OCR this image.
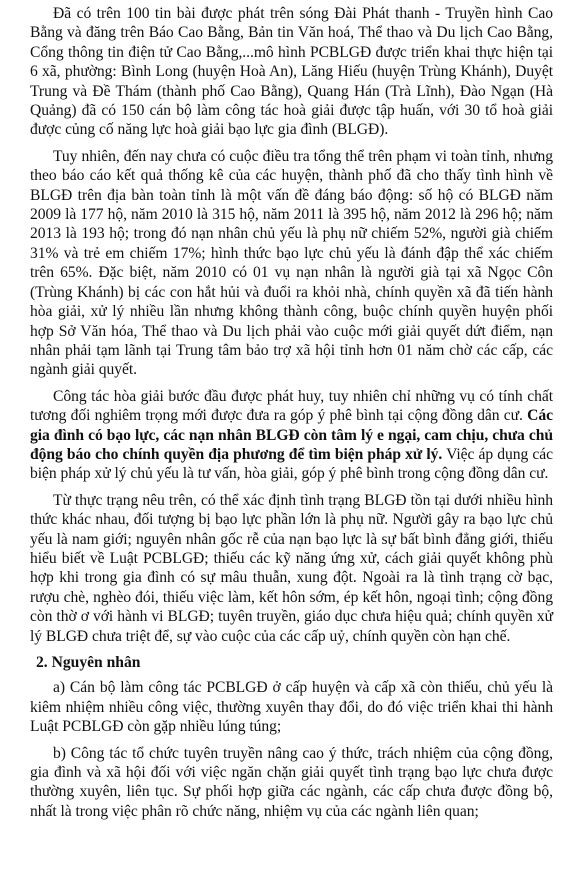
Đã có trên 100 tin bài được phát trên sóng Đài Phát thanh - Truyền hình Cao Bằng và đăng trên Báo Cao Bằng, Bản tin Văn hoá, Thể thao và Du lịch Cao Bằng, Cổng thông tin điện tử Cao Bằng,...mô hình PCBLGĐ được triển khai thực hiện tại 6 xã, phường: Bình Long (huyện Hoà An), Lăng Hiếu (huyện Trùng Khánh), Duyệt Trung và Đề Thám (thành phố Cao Bằng), Quang Hán (Trà Lĩnh), Đào Ngạn (Hà Quảng) đã có 150 cán bộ làm công tác hoà giải được tập huấn, với 30 tổ hoà giải được củng cố năng lực hoà giải bạo lực gia đình (BLGĐ).

Tuy nhiên, đến nay chưa có cuộc điều tra tổng thể trên phạm vi toàn tỉnh, nhưng theo báo cáo kết quả thống kê của các huyện, thành phố đã cho thấy tình hình về BLGĐ trên địa bàn toàn tỉnh là một vấn đề đáng báo động: số hộ có BLGĐ năm 2009 là 177 hộ, năm 2010 là 315 hộ, năm 2011 là 395 hộ, năm 2012 là 296 hộ; năm 2013 là 193 hộ; trong đó nạn nhân chủ yếu là phụ nữ chiếm 52%, người già chiếm 31% và trẻ em chiếm 17%; hình thức bạo lực chủ yếu là đánh đập thể xác chiếm trên 65%. Đặc biệt, năm 2010 có 01 vụ nạn nhân là người già tại xã Ngọc Côn (Trùng Khánh) bị các con hắt hủi và đuổi ra khỏi nhà, chính quyền xã đã tiến hành hòa giải, xử lý nhiều lần nhưng không thành công, buộc chính quyền huyện phối hợp Sở Văn hóa, Thể thao và Du lịch phải vào cuộc mới giải quyết dứt điểm, nạn nhân phải tạm lãnh tại Trung tâm bảo trợ xã hội tỉnh hơn 01 năm chờ các cấp, các ngành giải quyết.

Công tác hòa giải bước đầu được phát huy, tuy nhiên chỉ những vụ có tính chất tương đối nghiêm trọng mới được đưa ra góp ý phê bình tại cộng đồng dân cư. Các gia đình có bạo lực, các nạn nhân BLGĐ còn tâm lý e ngại, cam chịu, chưa chủ động báo cho chính quyền địa phương để tìm biện pháp xử lý. Việc áp dụng các biện pháp xử lý chủ yếu là tư vấn, hòa giải, góp ý phê bình trong cộng đồng dân cư.

Từ thực trạng nêu trên, có thể xác định tình trạng BLGĐ tồn tại dưới nhiều hình thức khác nhau, đối tượng bị bạo lực phần lớn là phụ nữ. Người gây ra bạo lực chủ yếu là nam giới; nguyên nhân gốc rễ của nạn bạo lực là sự bất bình đẳng giới, thiếu hiểu biết về Luật PCBLGĐ; thiếu các kỹ năng ứng xử, cách giải quyết không phù hợp khi trong gia đình có sự mâu thuẫn, xung đột. Ngoài ra là tình trạng cờ bạc, rượu chè, nghèo đói, thiếu việc làm, kết hôn sớm, ép kết hôn, ngoại tình; cộng đồng còn thờ ơ với hành vi BLGĐ; tuyên truyền, giáo dục chưa hiệu quả; chính quyền xử lý BLGĐ chưa triệt để, sự vào cuộc của các cấp uỷ, chính quyền còn hạn chế.

2. Nguyên nhân

a) Cán bộ làm công tác PCBLGĐ ở cấp huyện và cấp xã còn thiếu, chủ yếu là kiêm nhiệm nhiều công việc, thường xuyên thay đổi, do đó việc triển khai thi hành Luật PCBLGĐ còn gặp nhiều lúng túng;

b) Công tác tổ chức tuyên truyền nâng cao ý thức, trách nhiệm của cộng đồng, gia đình và xã hội đối với việc ngăn chặn giải quyết tình trạng bạo lực chưa được thường xuyên, liên tục. Sự phối hợp giữa các ngành, các cấp chưa được đồng bộ, nhất là trong việc phân rõ chức năng, nhiệm vụ của các ngành liên quan;
